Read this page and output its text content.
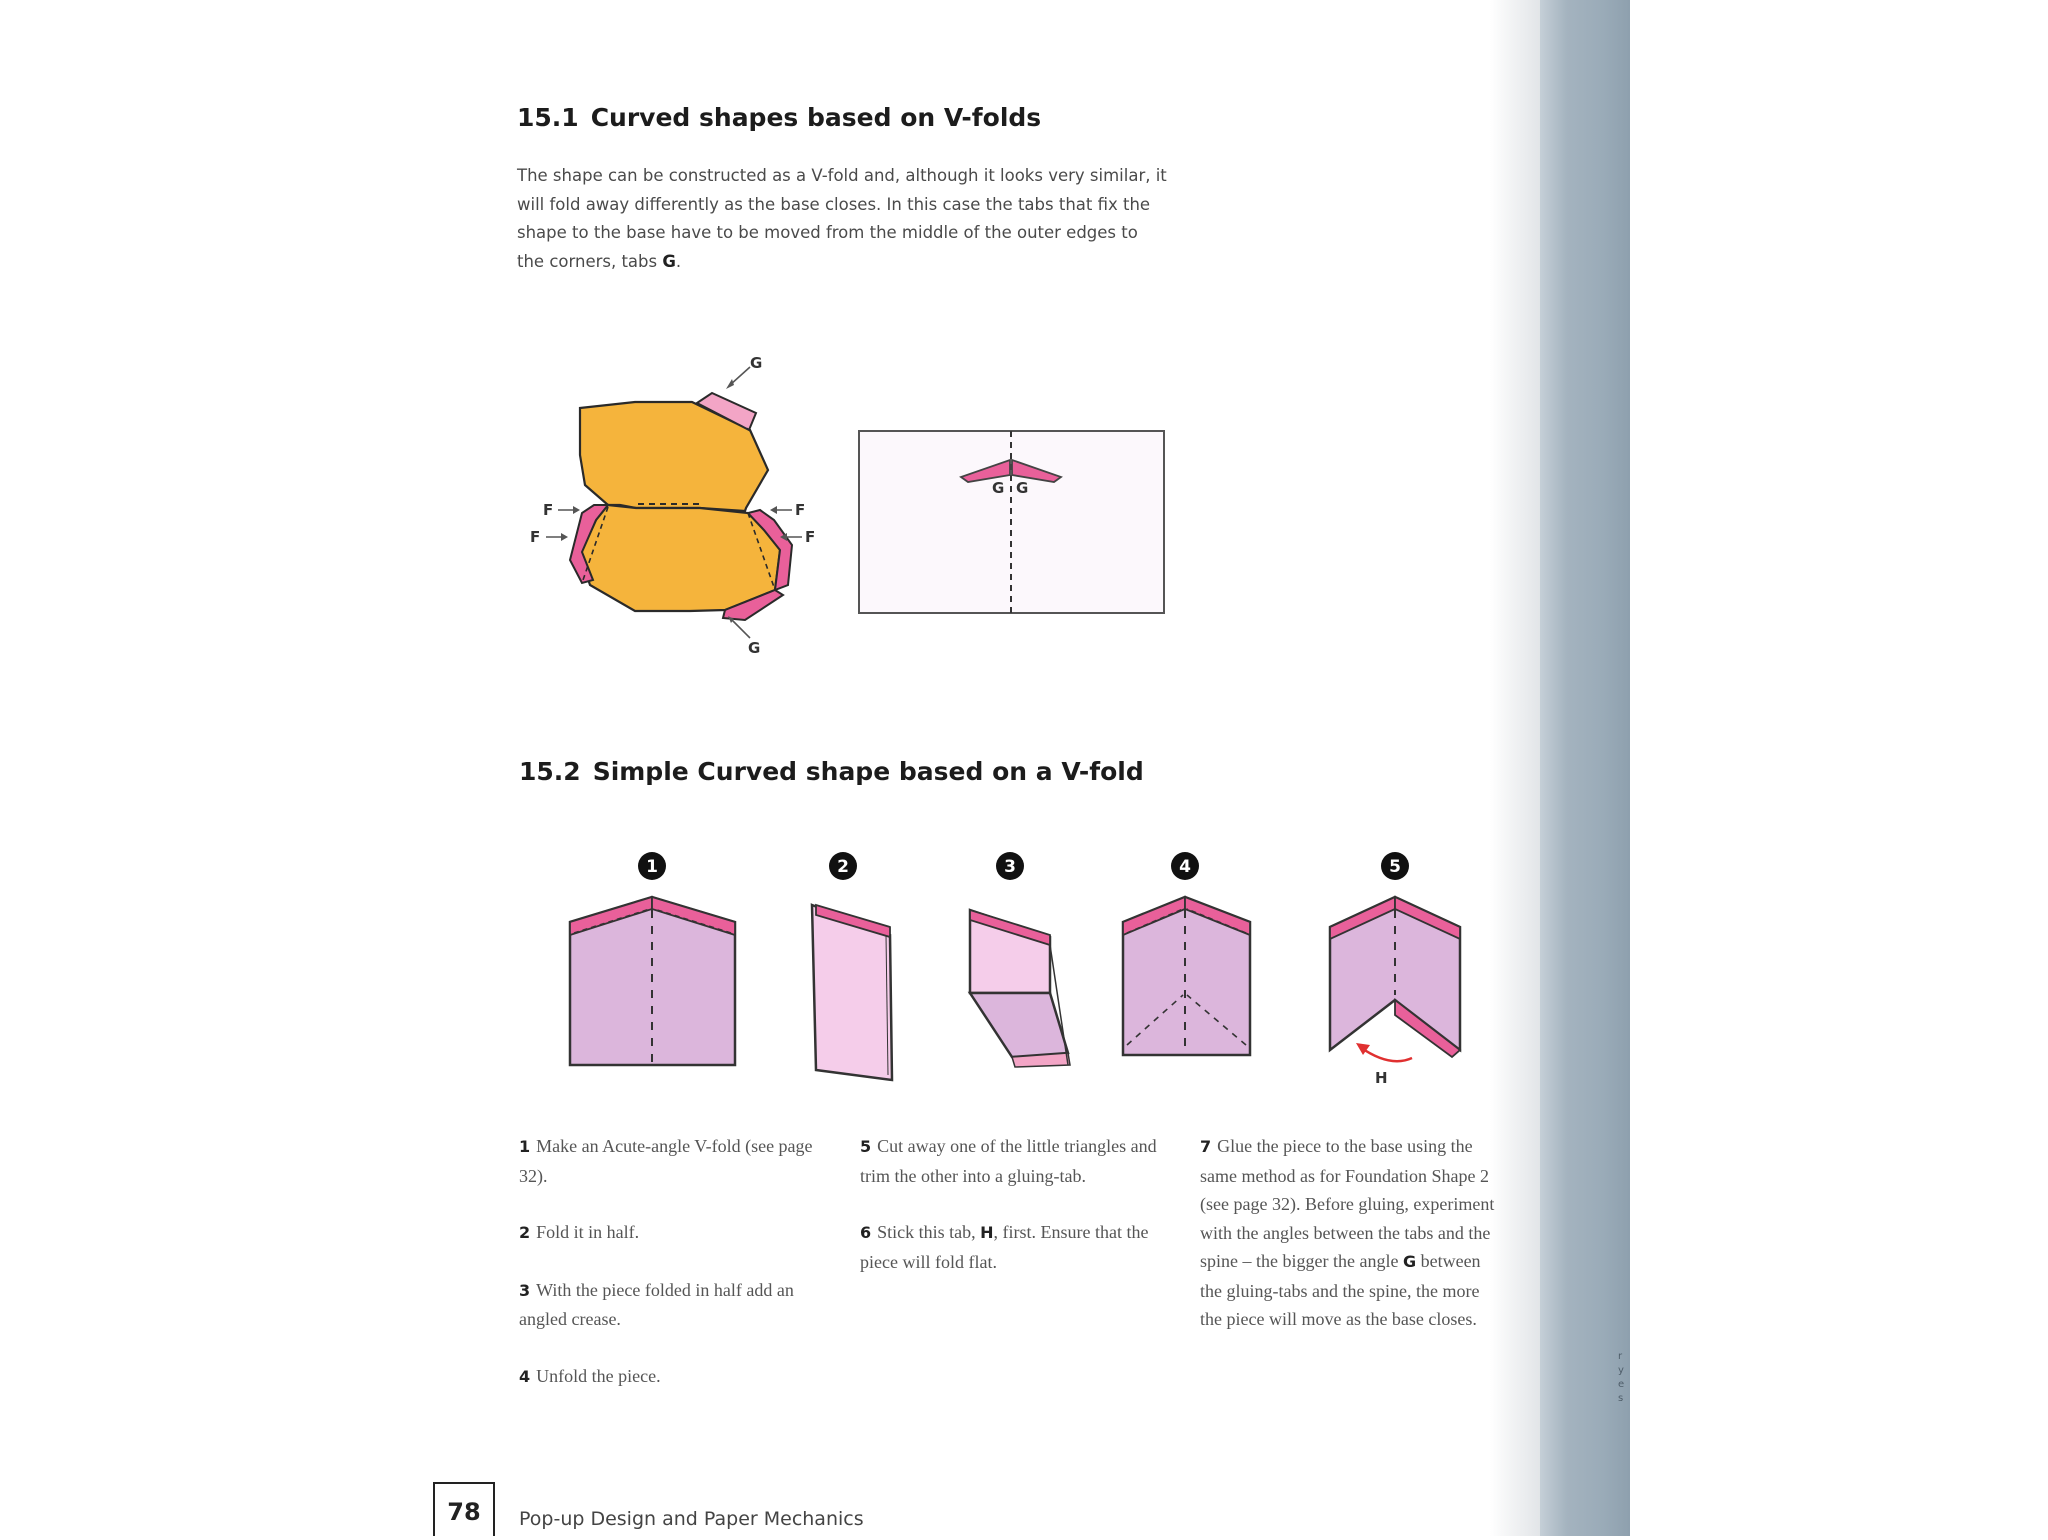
r
y
e
s
15.1 Curved shapes based on V-folds

The shape can be constructed as a V-fold and, although it looks very similar, it will fold away differently as the base closes. In this case the tabs that fix the shape to the base have to be moved from the middle of the outer edges to the corners, tabs G.

G
G
F
F
F
F
G G
15.2 Simple Curved shape based on a V-fold
1	2	3	4	5
H

1 Make an Acute-angle V-fold (see page 32).

2 Fold it in half.

3 With the piece folded in half add an angled crease.

4 Unfold the piece.

5 Cut away one of the little triangles and trim the other into a gluing-tab.

6 Stick this tab, H, first. Ensure that the piece will fold flat.

7 Glue the piece to the base using the same method as for Foundation Shape 2 (see page 32). Before gluing, experiment with the angles between the tabs and the spine – the bigger the angle G between the gluing-tabs and the spine, the more the piece will move as the base closes.

78	Pop-up Design and Paper Mechanics
